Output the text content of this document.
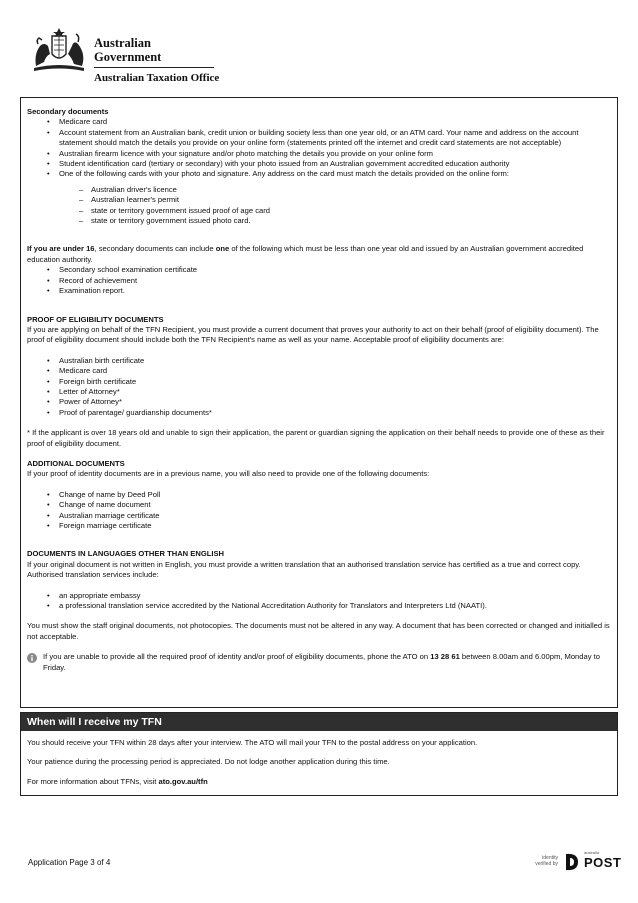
Australian Government
Australian Taxation Office

Secondary documents

• Medicare card
• Account statement from an Australian bank, credit union or building society less than one year old, or an ATM card. Your name and address on the account statement should match the details you provide on your online form (statements printed off the internet and credit card statements are not acceptable)
• Australian firearm licence with your signature and/or photo matching the details you provide on your online form
• Student identification card (tertiary or secondary) with your photo issued from an Australian government accredited education authority
• One of the following cards with your photo and signature. Any address on the card must match the details provided on the online form:
– Australian driver's licence
– Australian learner's permit
– state or territory government issued proof of age card
– state or territory government issued photo card.

If you are under 16, secondary documents can include one of the following which must be less than one year old and issued by an Australian government accredited education authority.

• Secondary school examination certificate
• Record of achievement
• Examination report.

PROOF OF ELIGIBILITY DOCUMENTS

If you are applying on behalf of the TFN Recipient, you must provide a current document that proves your authority to act on their behalf (proof of eligibility document). The proof of eligibility document should include both the TFN Recipient's name as well as your name. Acceptable proof of eligibility documents are:

• Australian birth certificate
• Medicare card
• Foreign birth certificate
• Letter of Attorney*
• Power of Attorney*
• Proof of parentage/ guardianship documents*

* If the applicant is over 18 years old and unable to sign their application, the parent or guardian signing the application on their behalf needs to provide one of these as their proof of eligibility document.

ADDITIONAL DOCUMENTS

If your proof of identity documents are in a previous name, you will also need to provide one of the following documents:

• Change of name by Deed Poll
• Change of name document
• Australian marriage certificate
• Foreign marriage certificate

DOCUMENTS IN LANGUAGES OTHER THAN ENGLISH

If your original document is not written in English, you must provide a written translation that an authorised translation service has certified as a true and correct copy. Authorised translation services include:

• an appropriate embassy
• a professional translation service accredited by the National Accreditation Authority for Translators and Interpreters Ltd (NAATI).

You must show the staff original documents, not photocopies. The documents must not be altered in any way. A document that has been corrected or changed and initialled is not acceptable.

If you are unable to provide all the required proof of identity and/or proof of eligibility documents, phone the ATO on 13 28 61 between 8.00am and 6.00pm, Monday to Friday.

When will I receive my TFN

You should receive your TFN within 28 days after your interview. The ATO will mail your TFN to the postal address on your application.

Your patience during the processing period is appreciated. Do not lodge another application during this time.

For more information about TFNs, visit ato.gov.au/tfn

Application Page 3 of 4	identity
verified by
australia
POST
